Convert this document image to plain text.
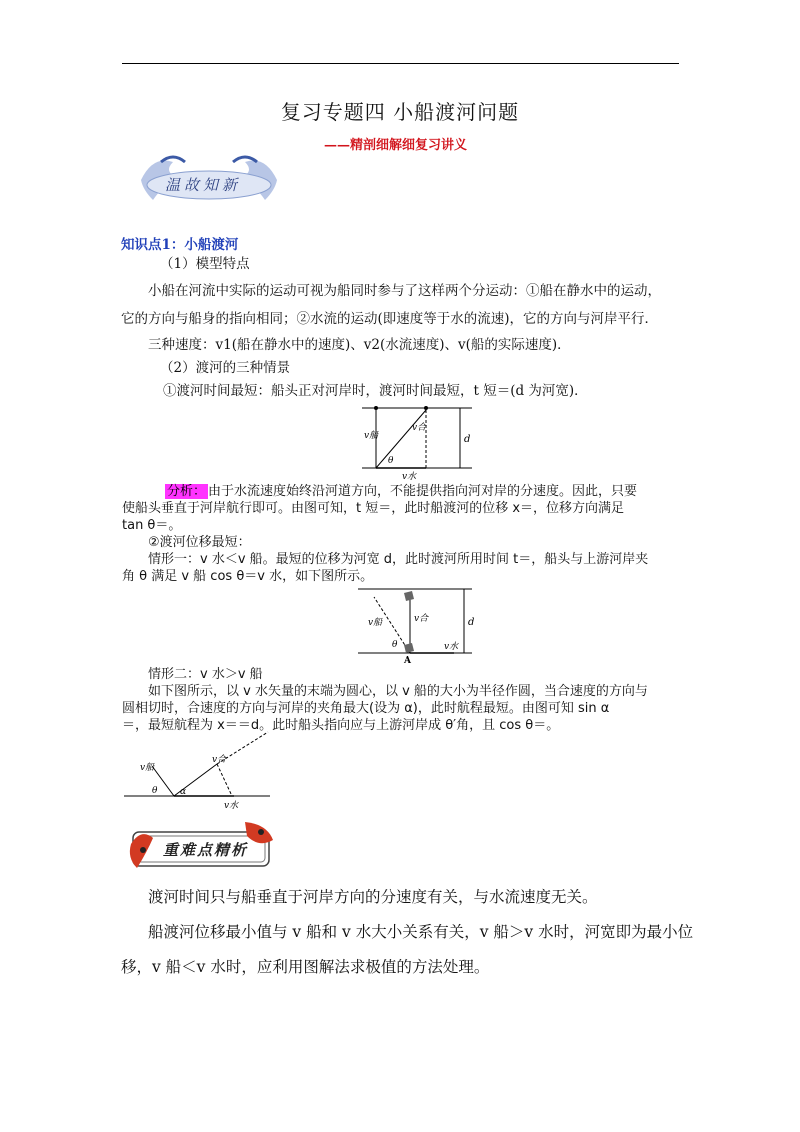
复习专题四 小船渡河问题
——精剖细解细复习讲义
温故知新
知识点1：小船渡河
（1）模型特点
小船在河流中实际的运动可视为船同时参与了这样两个分运动：①船在静水中的运动，
它的方向与船身的指向相同；②水流的运动(即速度等于水的流速)，它的方向与河岸平行．
三种速度：v1(船在静水中的速度)、v2(水流速度)、v(船的实际速度)．
（2）渡河的三种情景
①渡河时间最短：船头正对河岸时，渡河时间最短，t 短＝(d 为河宽)．
v船
v合
θ
v水
d
分析： 由于水流速度始终沿河道方向，不能提供指向河对岸的分速度。因此，只要
使船头垂直于河岸航行即可。由图可知，t 短＝，此时船渡河的位移 x＝，位移方向满足
tan θ＝。
②渡河位移最短：
情形一：v 水＜v 船。最短的位移为河宽 d，此时渡河所用时间 t＝，船头与上游河岸夹
角 θ 满足 v 船 cos θ＝v 水，如下图所示。
v船	v合
θ	v水
d
A
情形二：v 水＞v 船
如下图所示，以 v 水矢量的末端为圆心，以 v 船的大小为半径作圆，当合速度的方向与
圆相切时，合速度的方向与河岸的夹角最大(设为 α)，此时航程最短。由图可知 sin α
＝，最短航程为 x＝＝d。此时船头指向应与上游河岸成 θ′角，且 cos θ＝。
v船
v合
θ	α
v水
重难点精析
渡河时间只与船垂直于河岸方向的分速度有关，与水流速度无关。
船渡河位移最小值与 v 船和 v 水大小关系有关，v 船＞v 水时，河宽即为最小位
移，v 船＜v 水时，应利用图解法求极值的方法处理。
